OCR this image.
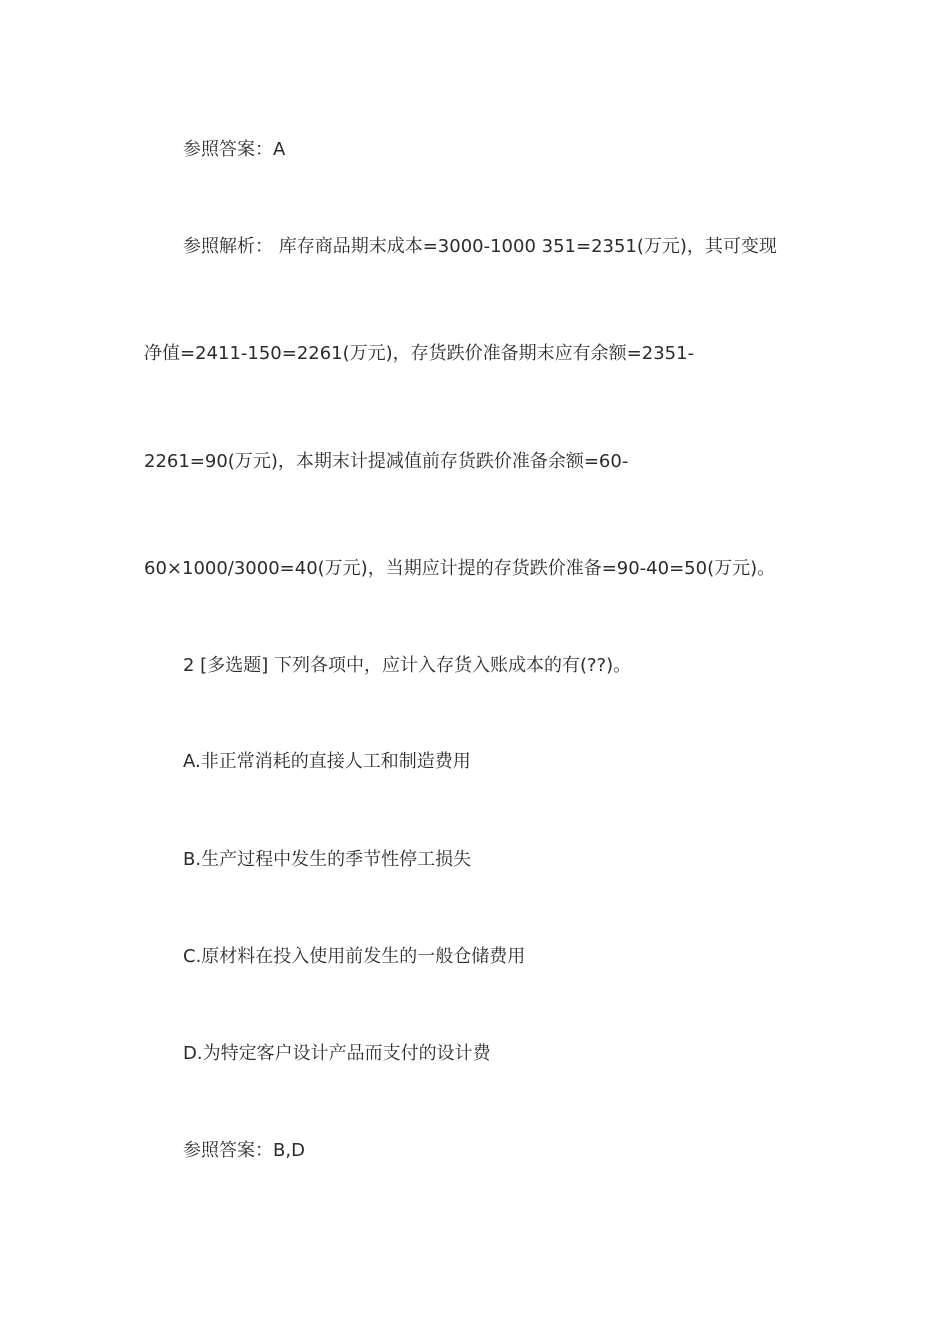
参照答案：A
参照解析： 库存商品期末成本=3000-1000 351=2351(万元)，其可变现
净值=2411-150=2261(万元)，存货跌价准备期末应有余额=2351-
2261=90(万元)，本期末计提减值前存货跌价准备余额=60-
60×1000/3000=40(万元)，当期应计提的存货跌价准备=90-40=50(万元)。
2 [多选题] 下列各项中，应计入存货入账成本的有(??)。
A.非正常消耗的直接人工和制造费用
B.生产过程中发生的季节性停工损失
C.原材料在投入使用前发生的一般仓储费用
D.为特定客户设计产品而支付的设计费
参照答案：B,D
